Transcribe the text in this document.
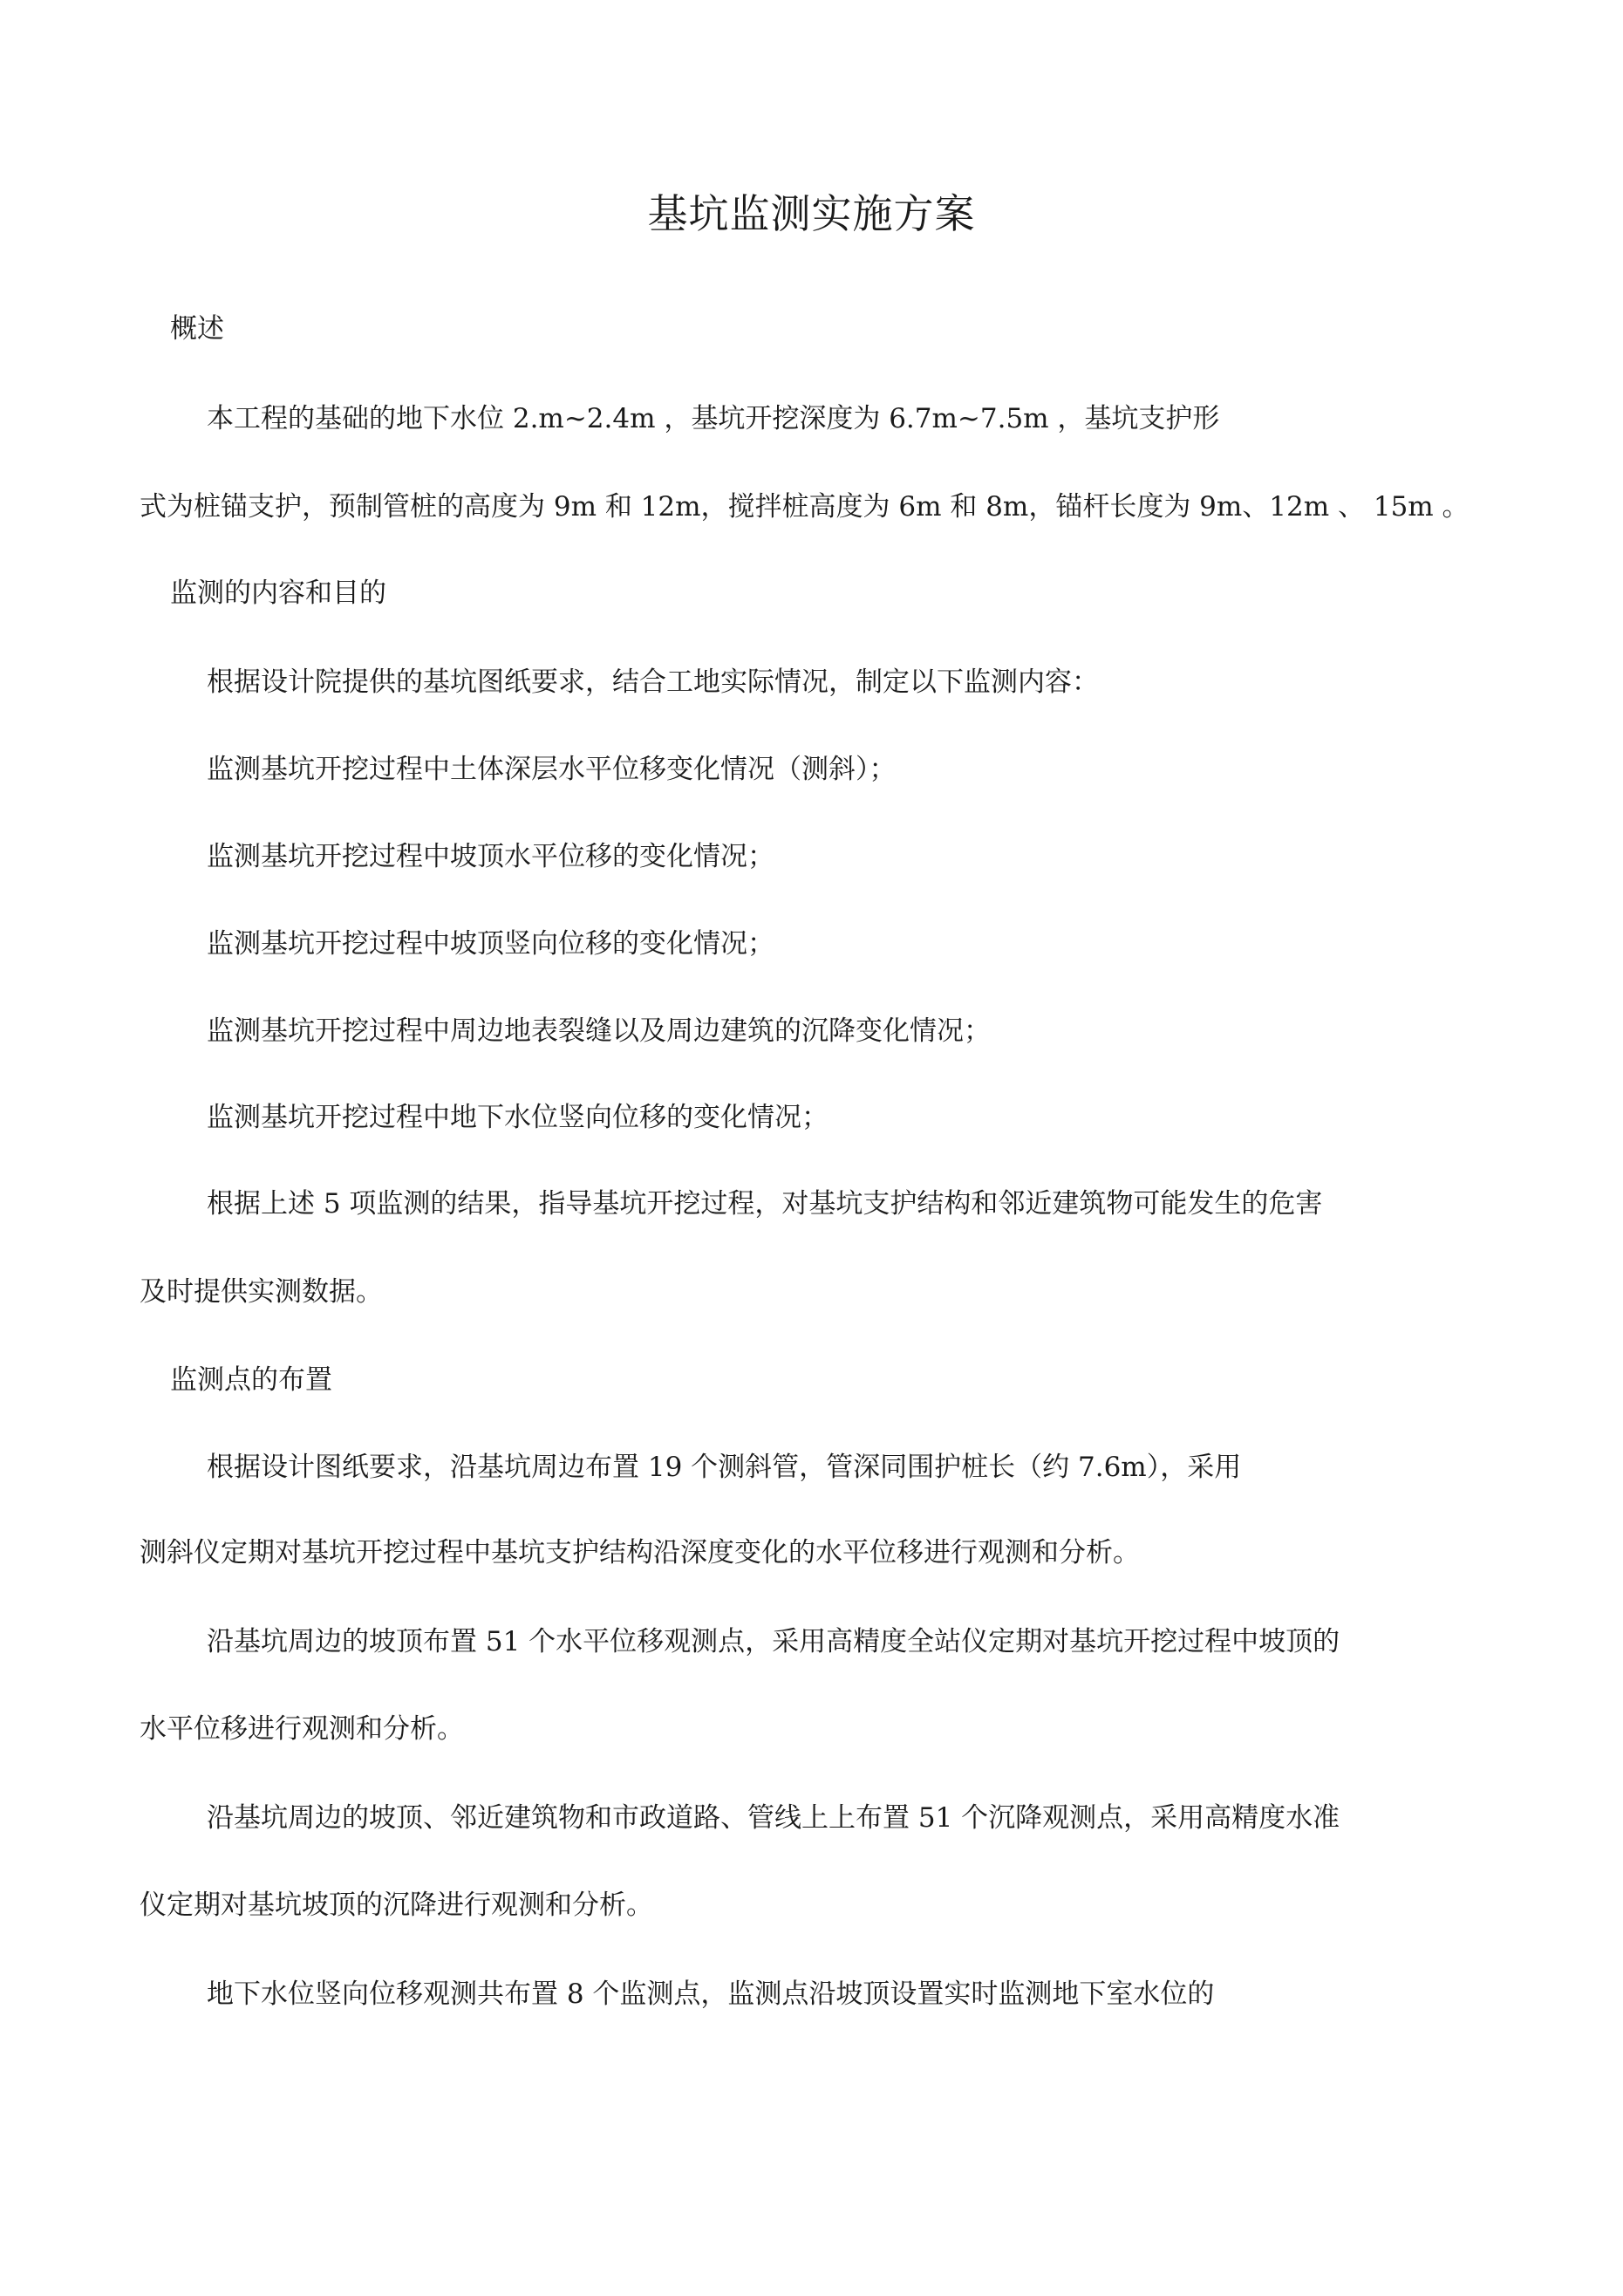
基坑监测实施方案
概述
本工程的基础的地下水位 2.m~2.4m ，基坑开挖深度为 6.7m~7.5m ，基坑支护形
式为桩锚支护，预制管桩的高度为 9m 和 12m，搅拌桩高度为 6m 和 8m，锚杆长度为 9m、12m 、 15m 。
监测的内容和目的
根据设计院提供的基坑图纸要求，结合工地实际情况，制定以下监测内容：
监测基坑开挖过程中土体深层水平位移变化情况（测斜）；
监测基坑开挖过程中坡顶水平位移的变化情况；
监测基坑开挖过程中坡顶竖向位移的变化情况；
监测基坑开挖过程中周边地表裂缝以及周边建筑的沉降变化情况；
监测基坑开挖过程中地下水位竖向位移的变化情况；
根据上述 5 项监测的结果，指导基坑开挖过程，对基坑支护结构和邻近建筑物可能发生的危害
及时提供实测数据。
监测点的布置
根据设计图纸要求，沿基坑周边布置 19 个测斜管，管深同围护桩长（约 7.6m），采用
测斜仪定期对基坑开挖过程中基坑支护结构沿深度变化的水平位移进行观测和分析。
沿基坑周边的坡顶布置 51 个水平位移观测点，采用高精度全站仪定期对基坑开挖过程中坡顶的
水平位移进行观测和分析。
沿基坑周边的坡顶、邻近建筑物和市政道路、管线上上布置 51 个沉降观测点，采用高精度水准
仪定期对基坑坡顶的沉降进行观测和分析。
地下水位竖向位移观测共布置 8 个监测点，监测点沿坡顶设置实时监测地下室水位的
